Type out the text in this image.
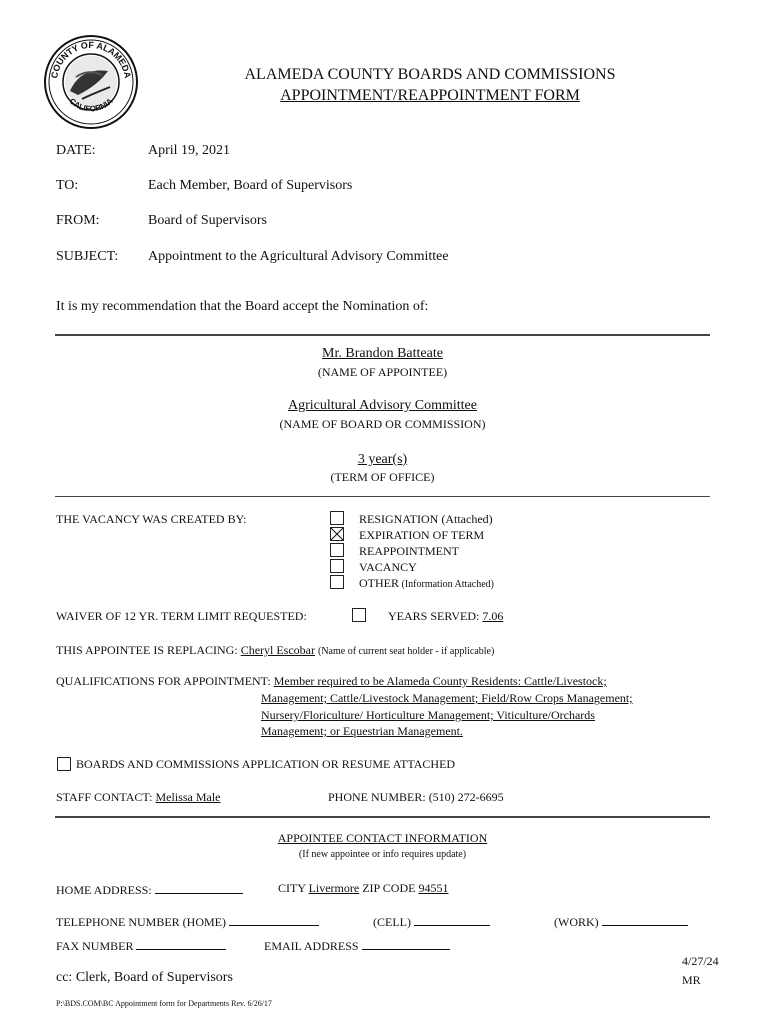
COUNTY OF ALAMEDA
CALIFORNIA
ALAMEDA COUNTY BOARDS AND COMMISSIONS
APPOINTMENT/REAPPOINTMENT FORM
DATE:	April 19, 2021
TO:	Each Member, Board of Supervisors
FROM:	Board of Supervisors
SUBJECT: Appointment to the Agricultural Advisory Committee
It is my recommendation that the Board accept the Nomination of:
Mr. Brandon Batteate
(NAME OF APPOINTEE)
Agricultural Advisory Committee
(NAME OF BOARD OR COMMISSION)
3 year(s)
(TERM OF OFFICE)
THE VACANCY WAS CREATED BY:	RESIGNATION (Attached)
EXPIRATION OF TERM
REAPPOINTMENT
VACANCY
OTHER (Information Attached)
WAIVER OF 12 YR. TERM LIMIT REQUESTED:	YEARS SERVED: 7.06
THIS APPOINTEE IS REPLACING: Cheryl Escobar (Name of current seat holder - if applicable)
QUALIFICATIONS FOR APPOINTMENT: Member required to be Alameda County Residents: Cattle/Livestock;
Management; Cattle/Livestock Management; Field/Row Crops Management;
Nursery/Floriculture/ Horticulture Management; Viticulture/Orchards
Management; or Equestrian Management.
BOARDS AND COMMISSIONS APPLICATION OR RESUME ATTACHED
STAFF CONTACT: Melissa Male	PHONE NUMBER: (510) 272-6695
APPOINTEE CONTACT INFORMATION
(If new appointee or info requires update)
HOME ADDRESS:	CITY Livermore ZIP CODE 94551
TELEPHONE NUMBER (HOME)	(CELL)	(WORK)
FAX NUMBER	EMAIL ADDRESS
cc: Clerk, Board of Supervisors
4/27/24
MR
P:\BDS.COM\BC Appointment form for Departments Rev. 6/26/17
